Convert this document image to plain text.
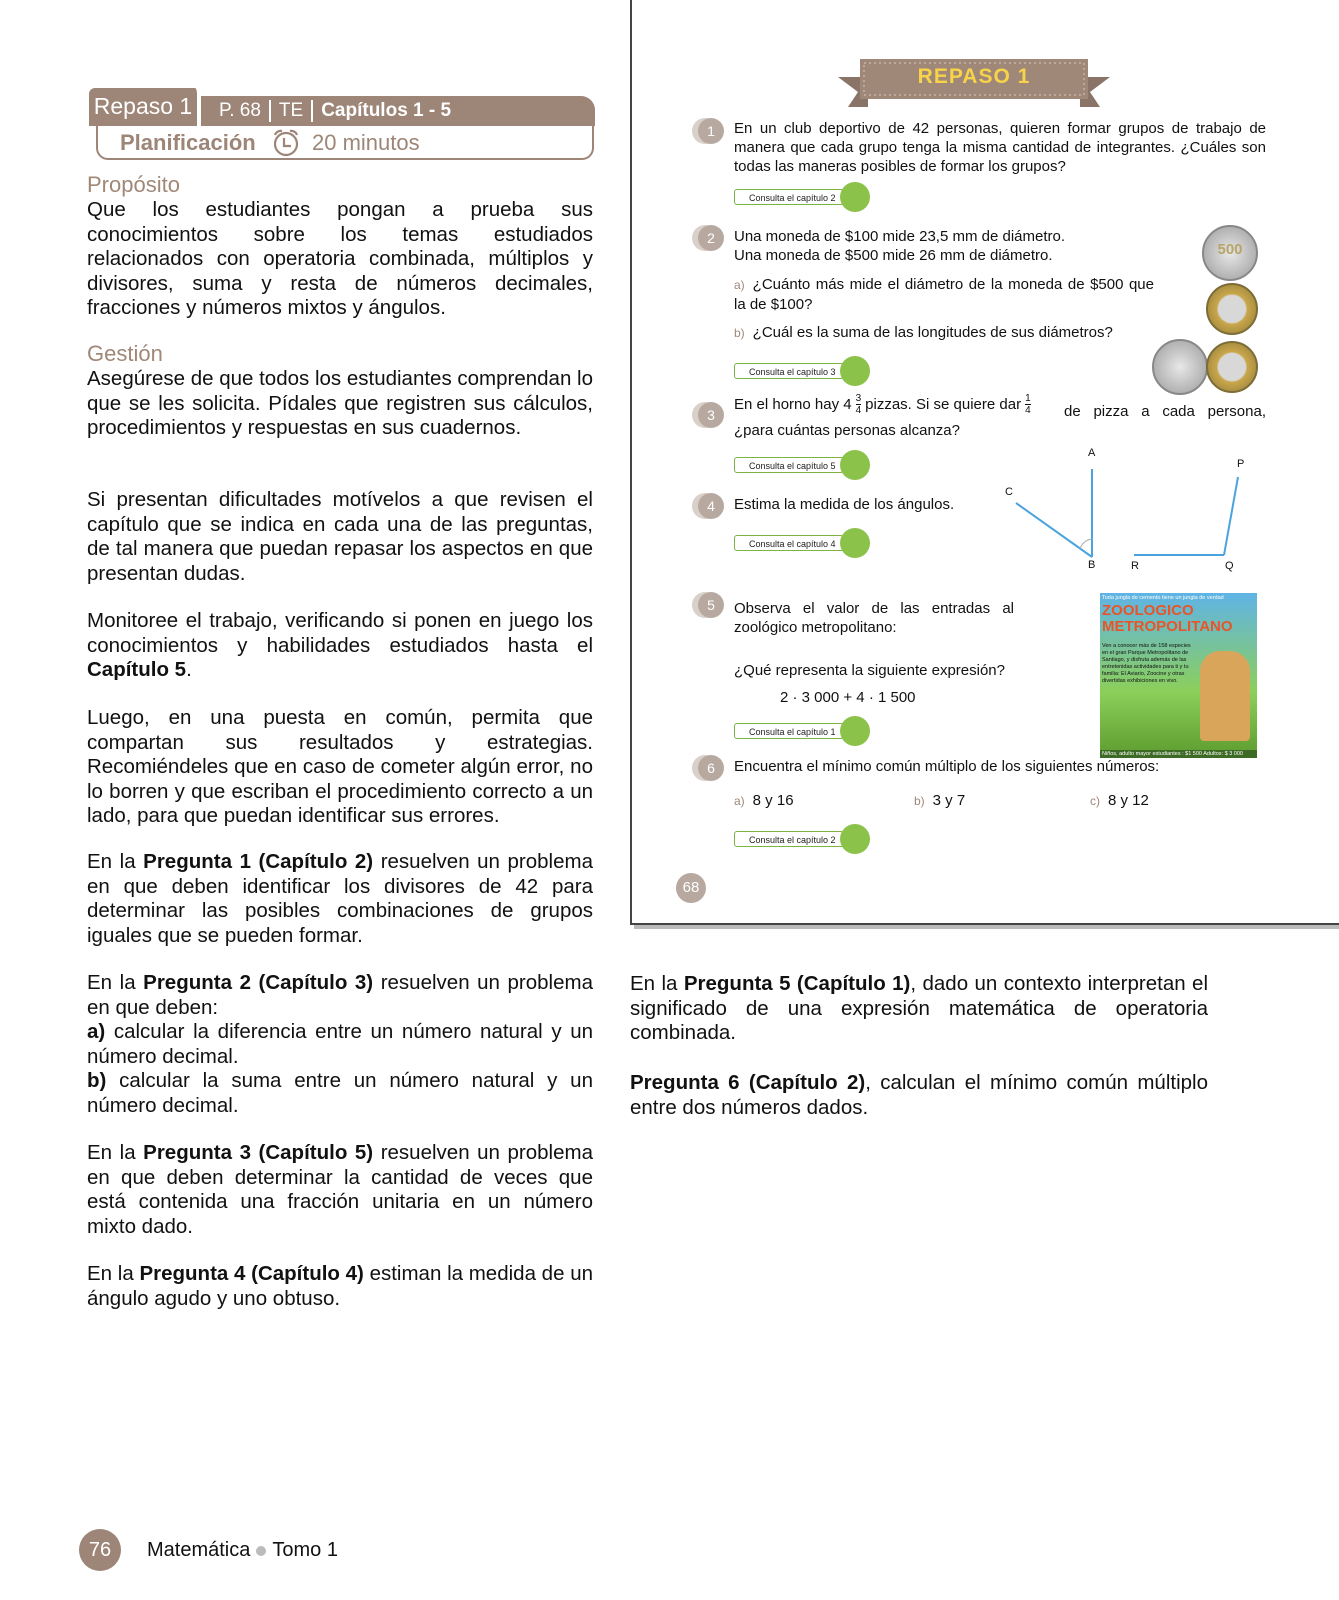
Repaso 1	P. 68 TE Capítulos 1 - 5
Planificación	20 minutos
Propósito
Que los estudiantes pongan a prueba sus conocimientos sobre los temas estudiados relacionados con operatoria combinada, múltiplos y divisores, suma y resta de números decimales, fracciones y números mixtos y ángulos.
Gestión
Asegúrese de que todos los estudiantes comprendan lo que se les solicita. Pídales que registren sus cálculos, procedimientos y respuestas en sus cuadernos.
Si presentan dificultades motívelos a que revisen el capítulo que se indica en cada una de las preguntas, de tal manera que puedan repasar los aspectos en que presentan dudas.
Monitoree el trabajo, verificando si ponen en juego los conocimientos y habilidades estudiados hasta el Capítulo 5.
Luego, en una puesta en común, permita que compartan sus resultados y estrategias. Recomiéndeles que en caso de cometer algún error, no lo borren y que escriban el procedimiento correcto a un lado, para que puedan identificar sus errores.
En la Pregunta 1 (Capítulo 2) resuelven un problema en que deben identificar los divisores de 42 para determinar las posibles combinaciones de grupos iguales que se pueden formar.

En la Pregunta 2 (Capítulo 3) resuelven un problema en que deben:

a) calcular la diferencia entre un número natural y un número decimal.

b) calcular la suma entre un número natural y un número decimal.

En la Pregunta 3 (Capítulo 5) resuelven un problema en que deben determinar la cantidad de veces que está contenida una fracción unitaria en un número mixto dado.
En la Pregunta 4 (Capítulo 4) estiman la medida de un ángulo agudo y uno obtuso.
REPASO 1
1	En un club deportivo de 42 personas, quieren formar grupos de trabajo de manera que cada grupo tenga la misma cantidad de integrantes. ¿Cuáles son todas las maneras posibles de formar los grupos?
Consulta el capítulo 2
2	Una moneda de $100 mide 23,5 mm de diámetro.
Una moneda de $500 mide 26 mm de diámetro.
a) ¿Cuánto más mide el diámetro de la moneda de $500 que la de $100?
b) ¿Cuál es la suma de las longitudes de sus diámetros?
Consulta el capítulo 3
500
3
En el horno hay 4 3
4 pizzas. Si se quiere dar 1
4	de pizza a cada persona, ¿para cuántas personas alcanza?
Consulta el capítulo 5
4	Estima la medida de los ángulos.
Consulta el capítulo 4
A
B
C
P
Q
R
5	Observa el valor de las entradas al zoológico metropolitano:
¿Qué representa la siguiente expresión?
2 · 3 000 + 4 · 1 500
Consulta el capítulo 1
Toda jungla de cemento tiene un jungla de verdad
ZOOLOGICO
METROPOLITANO
Ven a conocer más de 158 especies en el gran Parque Metropolitano de Santiago, y disfruta además de las entretenidas actividades para ti y tu familia: El Aviario, Zoocine y otras divertidas exhibiciones en vivo.
Niños, adulto mayor estudiantes : $1 500 Adultos: $ 3 000
6	Encuentra el mínimo común múltiplo de los siguientes números:
a) 8 y 16	b) 3 y 7	c) 8 y 12
Consulta el capítulo 2
68
En la Pregunta 5 (Capítulo 1), dado un contexto interpretan el significado de una expresión matemática de operatoria combinada.
Pregunta 6 (Capítulo 2), calculan el mínimo común múltiplo entre dos números dados.
76	Matemática Tomo 1
